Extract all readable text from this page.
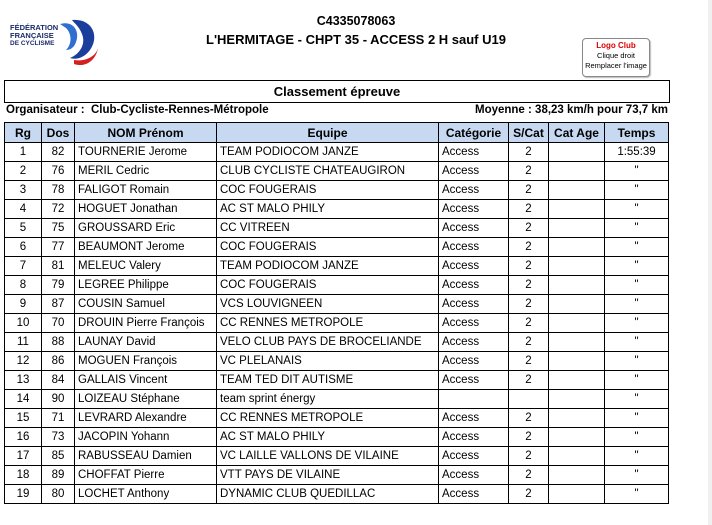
FÉDÉRATION
FRANÇAISE
DE CYCLISME
C4335078063
L'HERMITAGE - CHPT 35 - ACCESS 2 H sauf U19	Logo Club
Clique droit
Remplacer l'image
Classement épreuve
Organisateur : Club-Cycliste-Rennes-Métropole	Moyenne : 38,23 km/h pour 73,7 km
Rg	Dos	NOM Prénom	Equipe	Catégorie	S/Cat	Cat Age	Temps
1	82	TOURNERIE Jerome	TEAM PODIOCOM JANZE	Access	2		1:55:39
2	76	MERIL Cedric	CLUB CYCLISTE CHATEAUGIRON	Access	2		"
3	78	FALIGOT Romain	COC FOUGERAIS	Access	2		"
4	72	HOGUET Jonathan	AC ST MALO PHILY	Access	2		"
5	75	GROUSSARD Eric	CC VITREEN	Access	2		"
6	77	BEAUMONT Jerome	COC FOUGERAIS	Access	2		"
7	81	MELEUC Valery	TEAM PODIOCOM JANZE	Access	2		"
8	79	LEGREE Philippe	COC FOUGERAIS	Access	2		"
9	87	COUSIN Samuel	VCS LOUVIGNEEN	Access	2		"
10	70	DROUIN Pierre François	CC RENNES METROPOLE	Access	2		"
11	88	LAUNAY David	VELO CLUB PAYS DE BROCELIANDE	Access	2		"
12	86	MOGUEN François	VC PLELANAIS	Access	2		"
13	84	GALLAIS Vincent	TEAM TED DIT AUTISME	Access	2		"
14	90	LOIZEAU Stéphane	team sprint énergy				"
15	71	LEVRARD Alexandre	CC RENNES METROPOLE	Access	2		"
16	73	JACOPIN Yohann	AC ST MALO PHILY	Access	2		"
17	85	RABUSSEAU Damien	VC LAILLE VALLONS DE VILAINE	Access	2		"
18	89	CHOFFAT Pierre	VTT PAYS DE VILAINE	Access	2		"
19	80	LOCHET Anthony	DYNAMIC CLUB QUEDILLAC	Access	2		"
